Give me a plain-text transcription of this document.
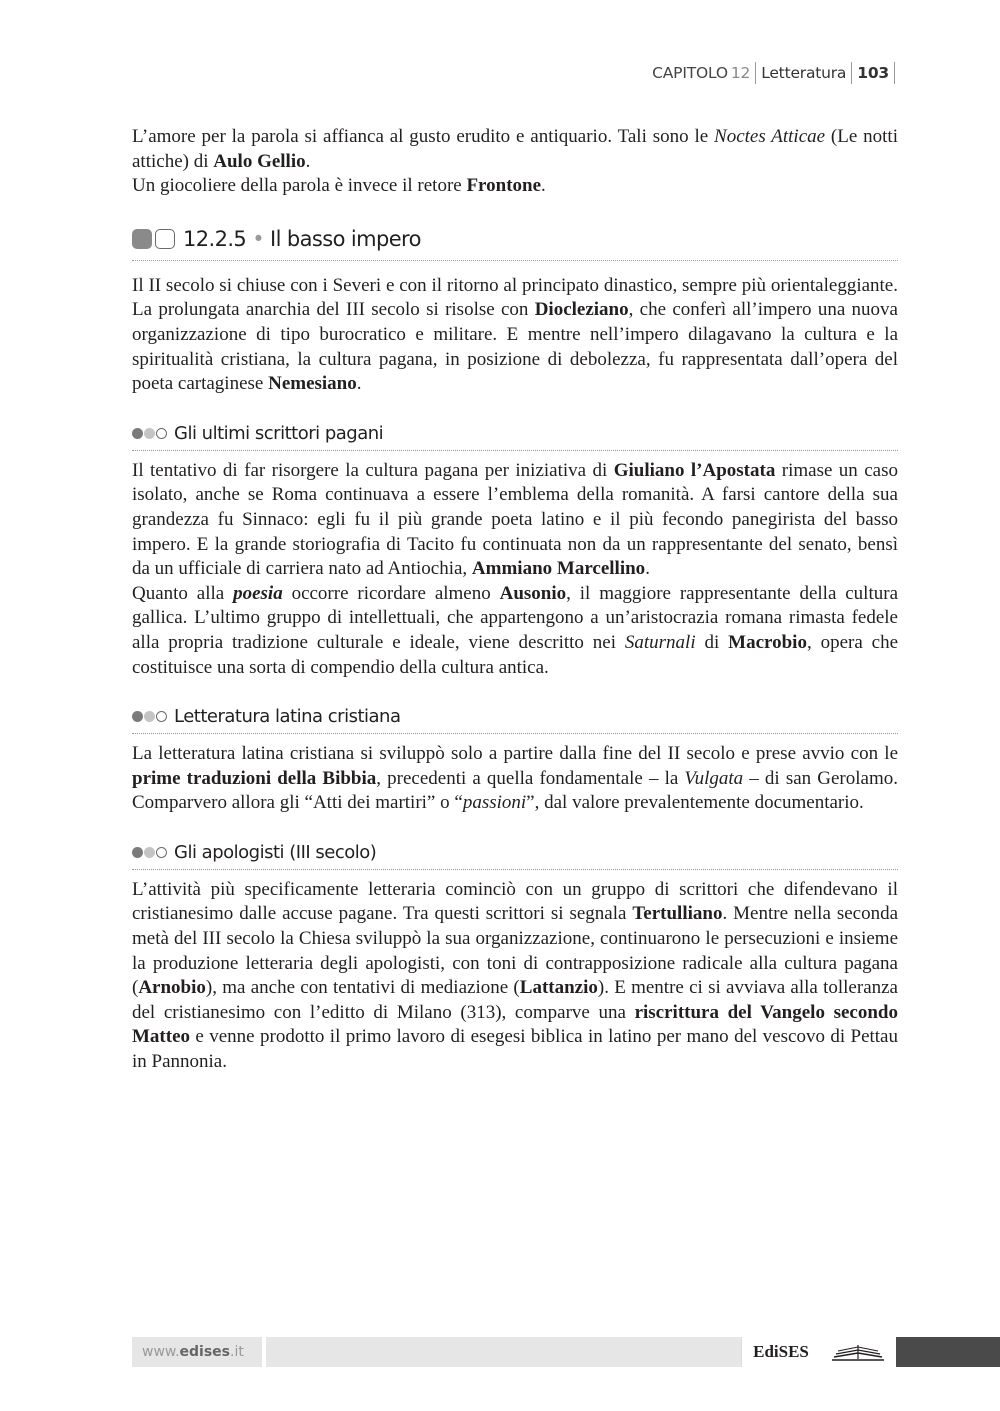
CAPITOLO 12 Letteratura 103

L’amore per la parola si affianca al gusto erudito e antiquario. Tali sono le Noctes Atticae (Le notti attiche) di Aulo Gellio.

Un giocoliere della parola è invece il retore Frontone.

12.2.5 • Il basso impero

Il II secolo si chiuse con i Severi e con il ritorno al principato dinastico, sempre più orientaleggiante. La prolungata anarchia del III secolo si risolse con Diocleziano, che conferì all’impero una nuova organizzazione di tipo burocratico e militare. E mentre nell’impero dilagavano la cultura e la spiritualità cristiana, la cultura pagana, in posizione di debolezza, fu rappresentata dall’opera del poeta cartaginese Nemesiano.

Gli ultimi scrittori pagani

Il tentativo di far risorgere la cultura pagana per iniziativa di Giuliano l’Apostata rimase un caso isolato, anche se Roma continuava a essere l’emblema della romanità. A farsi cantore della sua grandezza fu Sinnaco: egli fu il più grande poeta latino e il più fecondo panegirista del basso impero. E la grande storiografia di Tacito fu continuata non da un rappresentante del senato, bensì da un ufficiale di carriera nato ad Antiochia, Ammiano Marcellino.

Quanto alla poesia occorre ricordare almeno Ausonio, il maggiore rappresentante della cultura gallica. L’ultimo gruppo di intellettuali, che appartengono a un’aristocrazia romana rimasta fedele alla propria tradizione culturale e ideale, viene descritto nei Saturnali di Macrobio, opera che costituisce una sorta di compendio della cultura antica.

Letteratura latina cristiana

La letteratura latina cristiana si sviluppò solo a partire dalla fine del II secolo e prese avvio con le prime traduzioni della Bibbia, precedenti a quella fondamentale – la Vulgata – di san Gerolamo. Comparvero allora gli “Atti dei martiri” o “passioni”, dal valore prevalentemente documentario.

Gli apologisti (III secolo)

L’attività più specificamente letteraria cominciò con un gruppo di scrittori che difendevano il cristianesimo dalle accuse pagane. Tra questi scrittori si segnala Tertulliano. Mentre nella seconda metà del III secolo la Chiesa sviluppò la sua organizzazione, continuarono le persecuzioni e insieme la produzione letteraria degli apologisti, con toni di contrapposizione radicale alla cultura pagana (Arnobio), ma anche con tentativi di mediazione (Lattanzio). E mentre ci si avviava alla tolleranza del cristianesimo con l’editto di Milano (313), comparve una riscrittura del Vangelo secondo Matteo e venne prodotto il primo lavoro di esegesi biblica in latino per mano del vescovo di Pettau in Pannonia.

www. edises .it	EdiSES
